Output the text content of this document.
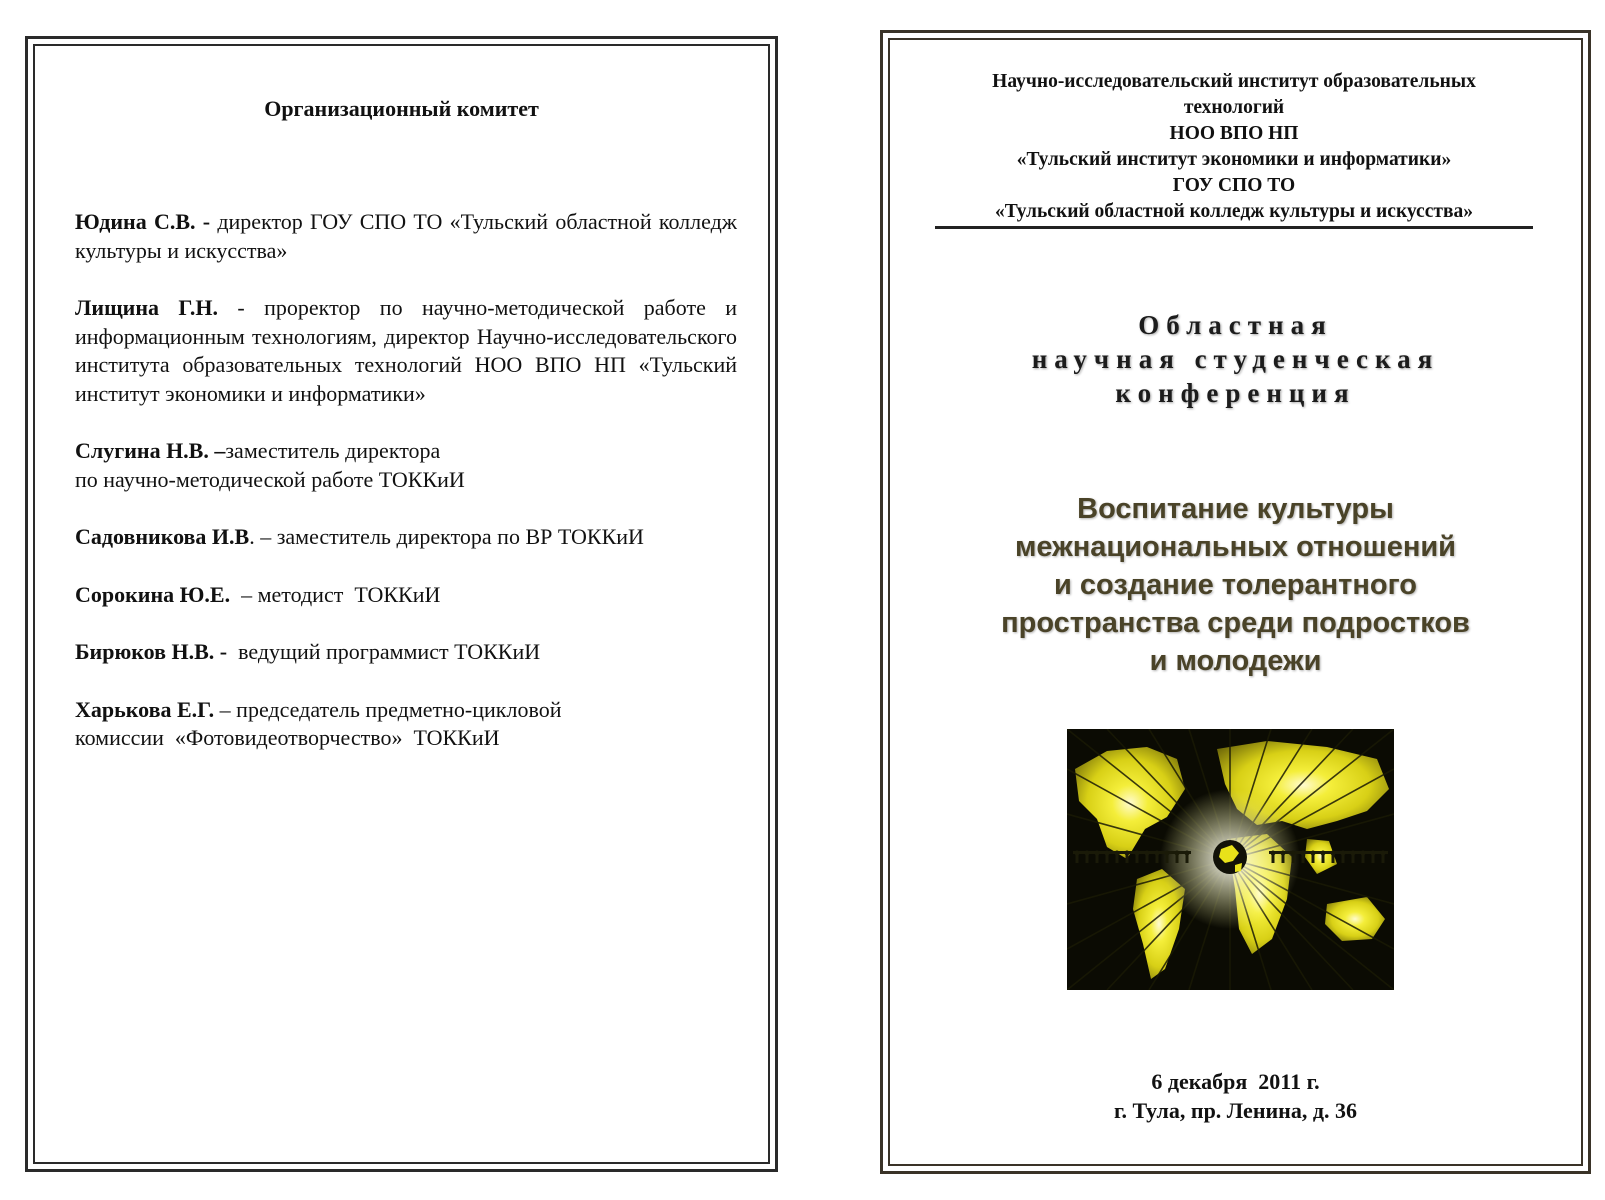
Организационный комитет

Юдина С.В. - директор ГОУ СПО ТО «Тульский областной колледж культуры и искусства»

Лищина Г.Н. - проректор по научно-методической работе и информационным технологиям, директор Научно-исследовательского института образовательных технологий НОО ВПО НП «Тульский институт экономики и информатики»

Слугина Н.В. –заместитель директора
по научно-методической работе ТОККиИ

Садовникова И.В. – заместитель директора по ВР ТОККиИ

Сорокина Ю.Е.  – методист  ТОККиИ

Бирюков Н.В. -  ведущий программист ТОККиИ

Харькова Е.Г. – председатель предметно-цикловой
комиссии  «Фотовидеотворчество»  ТОККиИ

Научно-исследовательский институт образовательных
технологий
НОО ВПО НП
«Тульский институт экономики и информатики»
ГОУ СПО ТО
«Тульский областной колледж культуры и искусства»
Областная
научная студенческая
конференция
Воспитание культуры
межнациональных отношений
и создание толерантного
пространства среди подростков
и молодежи
6 декабря  2011 г.
г. Тула, пр. Ленина, д. 36
